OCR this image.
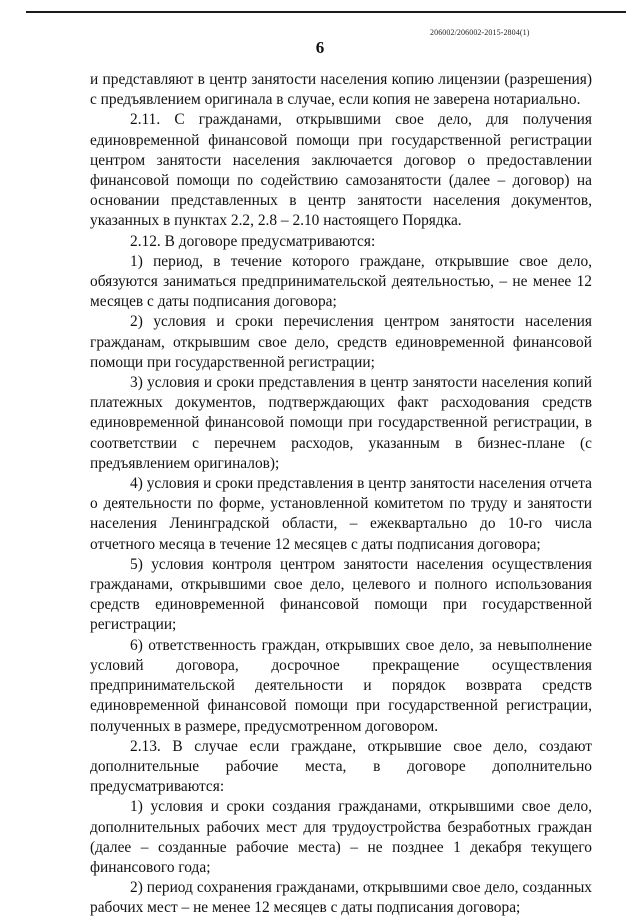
206002/206002-2015-2804(1)
6

и представляют в центр занятости населения копию лицензии (разрешения) с предъявлением оригинала в случае, если копия не заверена нотариально.

2.11. С гражданами, открывшими свое дело, для получения единовременной финансовой помощи при государственной регистрации центром занятости населения заключается договор о предоставлении финансовой помощи по содействию самозанятости (далее – договор) на основании представленных в центр занятости населения документов, указанных в пунктах 2.2, 2.8 – 2.10 настоящего Порядка.

2.12. В договоре предусматриваются:

1) период, в течение которого граждане, открывшие свое дело, обязуются заниматься предпринимательской деятельностью, – не менее 12 месяцев с даты подписания договора;

2) условия и сроки перечисления центром занятости населения гражданам, открывшим свое дело, средств единовременной финансовой помощи при государственной регистрации;

3) условия и сроки представления в центр занятости населения копий платежных документов, подтверждающих факт расходования средств единовременной финансовой помощи при государственной регистрации, в соответствии с перечнем расходов, указанным в бизнес-плане (с предъявлением оригиналов);

4) условия и сроки представления в центр занятости населения отчета о деятельности по форме, установленной комитетом по труду и занятости населения Ленинградской области, – ежеквартально до 10-го числа отчетного месяца в течение 12 месяцев с даты подписания договора;

5) условия контроля центром занятости населения осуществления гражданами, открывшими свое дело, целевого и полного использования средств единовременной финансовой помощи при государственной регистрации;

6) ответственность граждан, открывших свое дело, за невыполнение условий договора, досрочное прекращение осуществления предпринимательской деятельности и порядок возврата средств единовременной финансовой помощи при государственной регистрации, полученных в размере, предусмотренном договором.

2.13. В случае если граждане, открывшие свое дело, создают дополнительные рабочие места, в договоре дополнительно предусматриваются:

1) условия и сроки создания гражданами, открывшими свое дело, дополнительных рабочих мест для трудоустройства безработных граждан (далее – созданные рабочие места) – не позднее 1 декабря текущего финансового года;

2) период сохранения гражданами, открывшими свое дело, созданных рабочих мест – не менее 12 месяцев с даты подписания договора;
